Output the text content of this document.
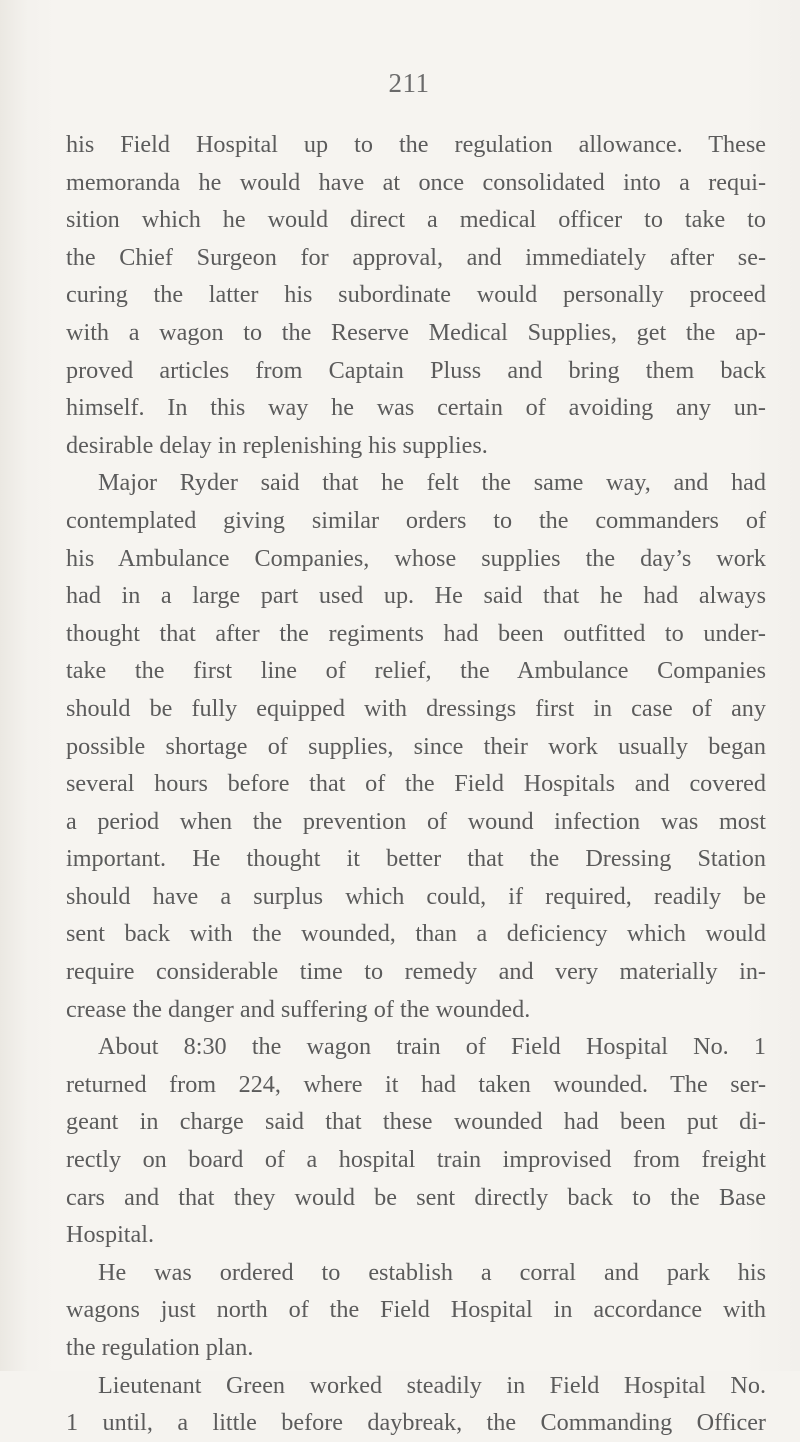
211
his Field Hospital up to the regulation allowance. These
memoranda he would have at once consolidated into a requi-
sition which he would direct a medical officer to take to
the Chief Surgeon for approval, and immediately after se-
curing the latter his subordinate would personally proceed
with a wagon to the Reserve Medical Supplies, get the ap-
proved articles from Captain Pluss and bring them back
himself. In this way he was certain of avoiding any un-
desirable delay in replenishing his supplies.
Major Ryder said that he felt the same way, and had
contemplated giving similar orders to the commanders of
his Ambulance Companies, whose supplies the day’s work
had in a large part used up. He said that he had always
thought that after the regiments had been outfitted to under-
take the first line of relief, the Ambulance Companies
should be fully equipped with dressings first in case of any
possible shortage of supplies, since their work usually began
several hours before that of the Field Hospitals and covered
a period when the prevention of wound infection was most
important. He thought it better that the Dressing Station
should have a surplus which could, if required, readily be
sent back with the wounded, than a deficiency which would
require considerable time to remedy and very materially in-
crease the danger and suffering of the wounded.
About 8:30 the wagon train of Field Hospital No. 1
returned from 224, where it had taken wounded. The ser-
geant in charge said that these wounded had been put di-
rectly on board of a hospital train improvised from freight
cars and that they would be sent directly back to the Base
Hospital.
He was ordered to establish a corral and park his
wagons just north of the Field Hospital in accordance with
the regulation plan.
Lieutenant Green worked steadily in Field Hospital No.
1 until, a little before daybreak, the Commanding Officer
